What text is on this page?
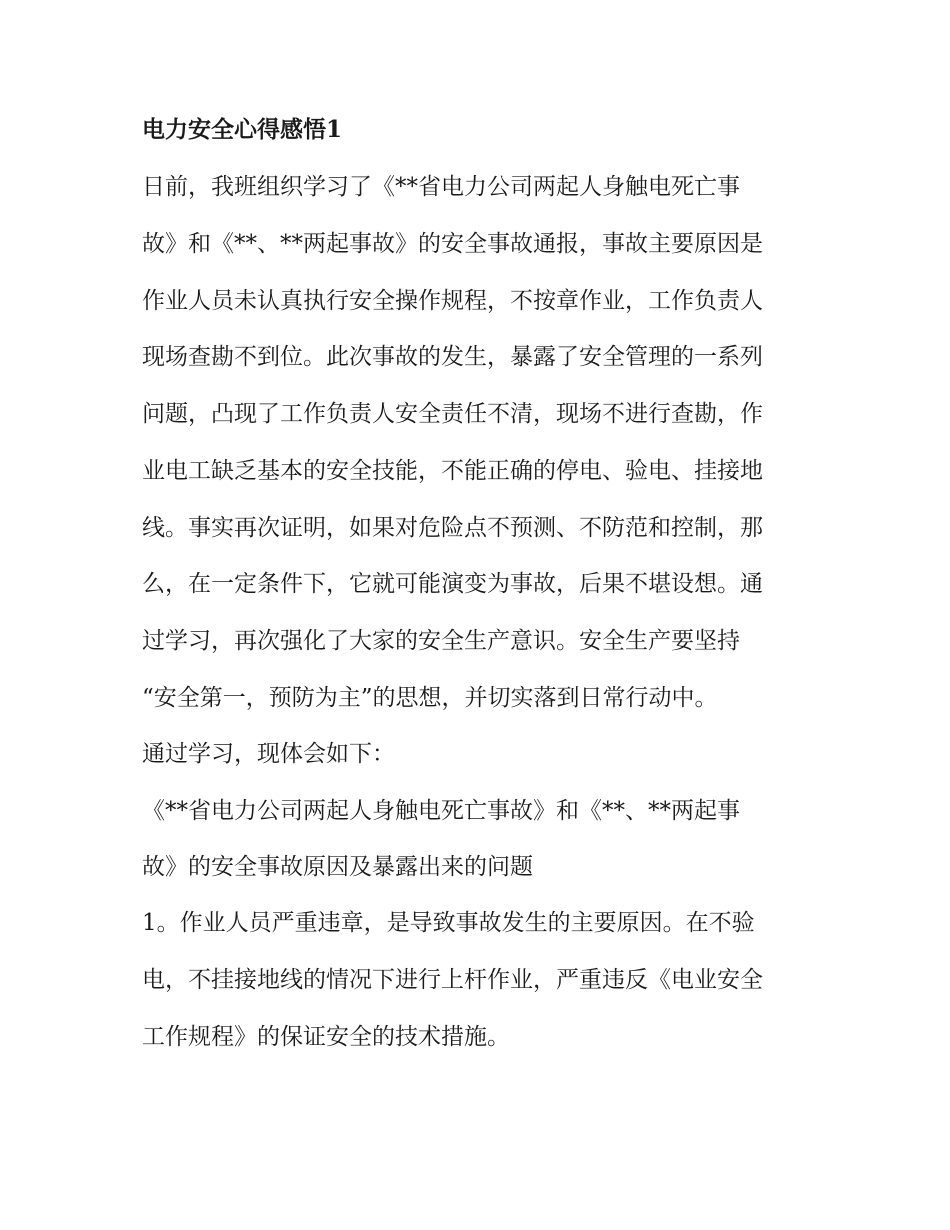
电力安全心得感悟1
日前，我班组织学习了《**省电力公司两起人身触电死亡事
故》和《**、**两起事故》的安全事故通报，事故主要原因是
作业人员未认真执行安全操作规程，不按章作业，工作负责人
现场查勘不到位。此次事故的发生，暴露了安全管理的一系列
问题，凸现了工作负责人安全责任不清，现场不进行查勘，作
业电工缺乏基本的安全技能，不能正确的停电、验电、挂接地
线。事实再次证明，如果对危险点不预测、不防范和控制，那
么，在一定条件下，它就可能演变为事故，后果不堪设想。通
过学习，再次强化了大家的安全生产意识。安全生产要坚持
“安全第一，预防为主”的思想，并切实落到日常行动中。
通过学习，现体会如下：
《**省电力公司两起人身触电死亡事故》和《**、**两起事
故》的安全事故原因及暴露出来的问题
1。作业人员严重违章，是导致事故发生的主要原因。在不验
电，不挂接地线的情况下进行上杆作业，严重违反《电业安全
工作规程》的保证安全的技术措施。
